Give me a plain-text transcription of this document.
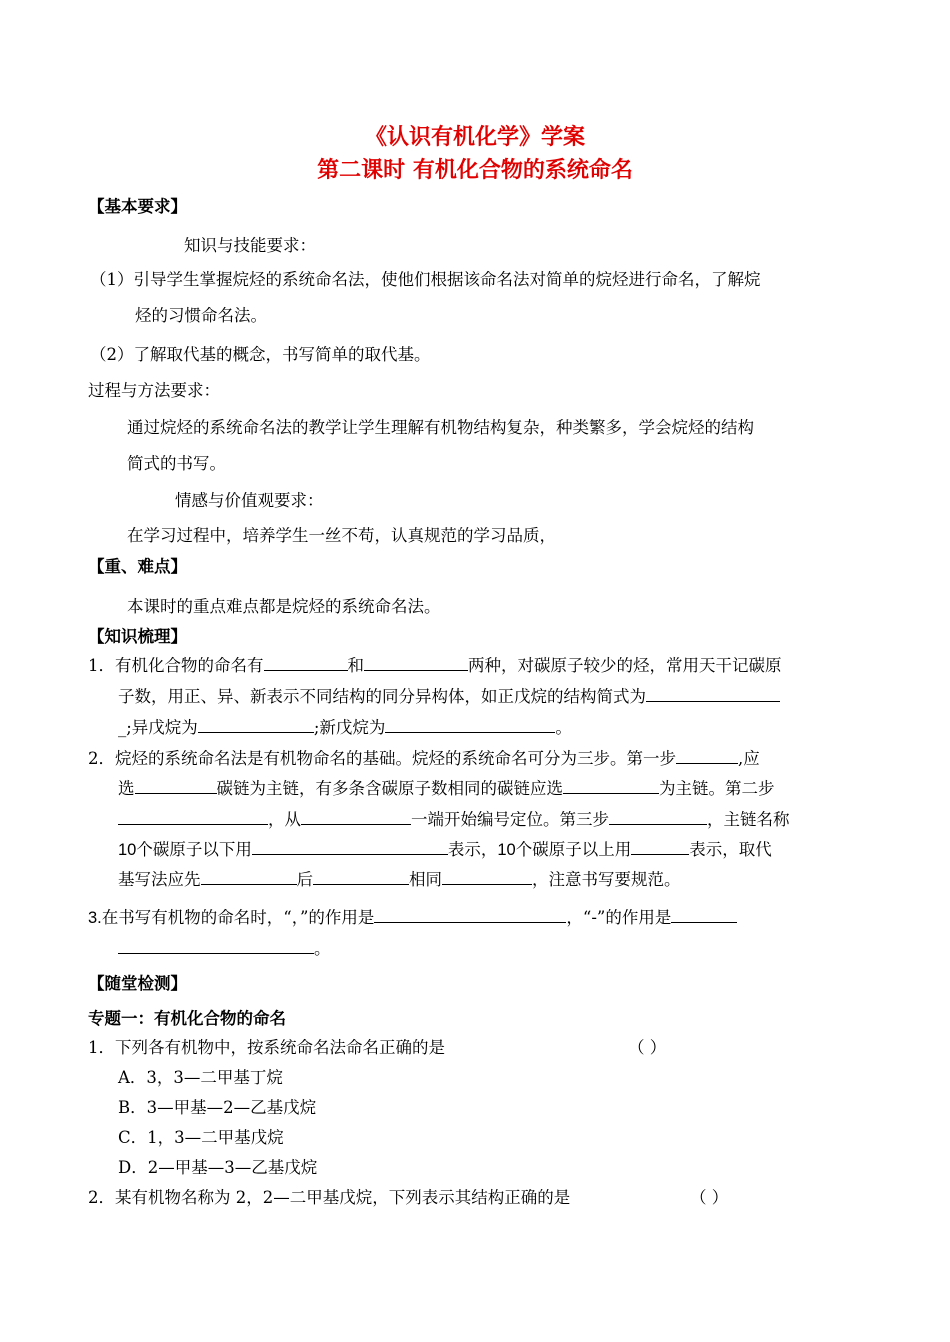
《认识有机化学》学案
第二课时 有机化合物的系统命名
【基本要求】
知识与技能要求：
（1）引导学生掌握烷烃的系统命名法，使他们根据该命名法对简单的烷烃进行命名，了解烷
烃的习惯命名法。
（2）了解取代基的概念，书写简单的取代基。
过程与方法要求：
通过烷烃的系统命名法的教学让学生理解有机物结构复杂，种类繁多，学会烷烃的结构
简式的书写。
情感与价值观要求：
在学习过程中，培养学生一丝不苟，认真规范的学习品质，
【重、难点】
本课时的重点难点都是烷烃的系统命名法。
【知识梳理】
1．有机化合物的命名有	和	两种，对碳原子较少的烃，常用天干记碳原
子数，用正、异、新表示不同结构的同分异构体，如正戊烷的结构简式为
_;异戊烷为	;新戊烷为	。
2．烷烃的系统命名法是有机物命名的基础。烷烃的系统命名可分为三步。第一步	,应
选	碳链为主链，有多条含碳原子数相同的碳链应选	为主链。第二步
，从	一端开始编号定位。第三步	，主链名称
10个碳原子以下用	表示，10个碳原子以上用	表示，取代
基写法应先	后	相同	，注意书写要规范。
3.在书写有机物的命名时，“，”的作用是	，“-”的作用是
。
【随堂检测】
专题一：有机化合物的命名
1．下列各有机物中，按系统命名法命名正确的是	（ ）
A．3，3—二甲基丁烷
B．3—甲基—2—乙基戊烷
C．1，3—二甲基戊烷
D．2—甲基—3—乙基戊烷
2．某有机物名称为 2，2—二甲基戊烷，下列表示其结构正确的是	（ ）
